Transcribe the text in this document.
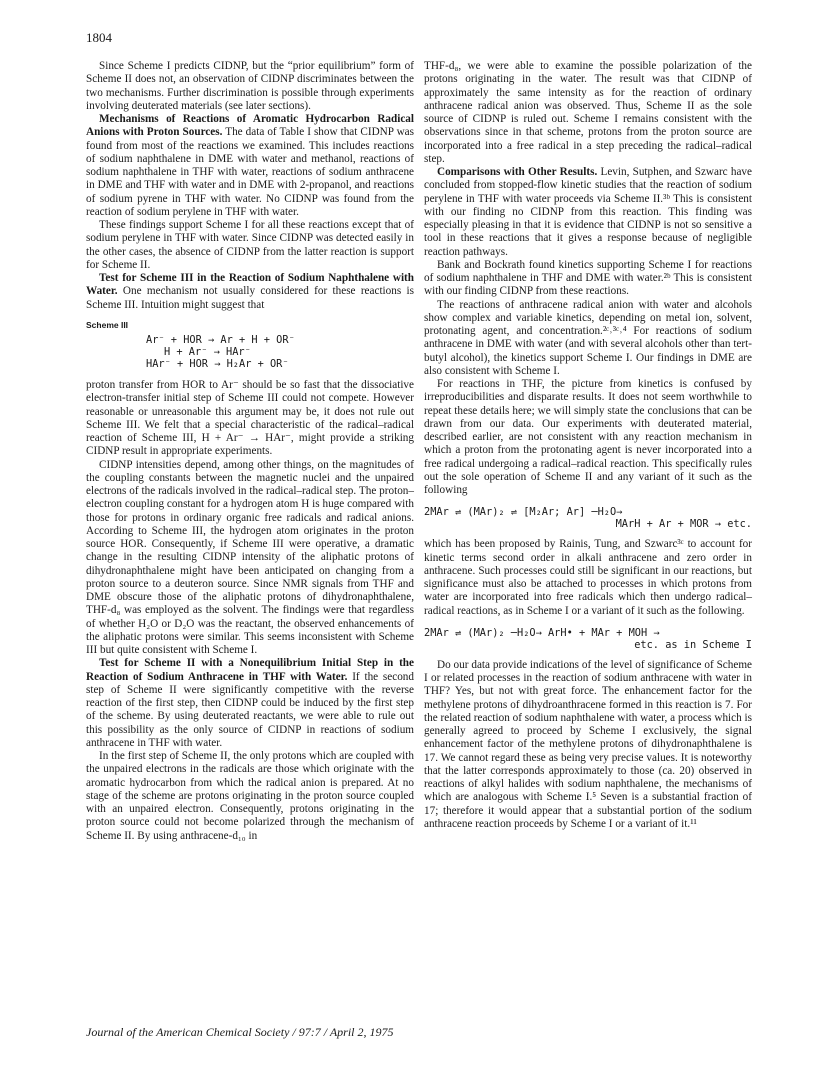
1804

Since Scheme I predicts CIDNP, but the “prior equilibrium” form of Scheme II does not, an observation of CIDNP discriminates between the two mechanisms. Further discrimination is possible through experiments involving deuterated materials (see later sections).

Mechanisms of Reactions of Aromatic Hydrocarbon Radical Anions with Proton Sources. The data of Table I show that CIDNP was found from most of the reactions we examined. This includes reactions of sodium naphthalene in DME with water and methanol, reactions of sodium naphthalene in THF with water, reactions of sodium anthracene in DME and THF with water and in DME with 2-propanol, and reactions of sodium pyrene in THF with water. No CIDNP was found from the reaction of sodium perylene in THF with water.

These findings support Scheme I for all these reactions except that of sodium perylene in THF with water. Since CIDNP was detected easily in the other cases, the absence of CIDNP from the latter reaction is support for Scheme II.

Test for Scheme III in the Reaction of Sodium Naphthalene with Water. One mechanism not usually considered for these reactions is Scheme III. Intuition might suggest that

Scheme III
Ar⁻ + HOR → Ar + H + OR⁻
H + Ar⁻ → HAr⁻
HAr⁻ + HOR → H₂Ar + OR⁻

proton transfer from HOR to Ar⁻ should be so fast that the dissociative electron-transfer initial step of Scheme III could not compete. However reasonable or unreasonable this argument may be, it does not rule out Scheme III. We felt that a special characteristic of the radical–radical reaction of Scheme III, H + Ar⁻ → HAr⁻, might provide a striking CIDNP result in appropriate experiments.

CIDNP intensities depend, among other things, on the magnitudes of the coupling constants between the magnetic nuclei and the unpaired electrons of the radicals involved in the radical–radical step. The proton–electron coupling constant for a hydrogen atom H is huge compared with those for protons in ordinary organic free radicals and radical anions. According to Scheme III, the hydrogen atom originates in the proton source HOR. Consequently, if Scheme III were operative, a dramatic change in the resulting CIDNP intensity of the aliphatic protons of dihydronaphthalene might have been anticipated on changing from a proton source to a deuteron source. Since NMR signals from THF and DME obscure those of the aliphatic protons of dihydronaphthalene, THF-d₈ was employed as the solvent. The findings were that regardless of whether H₂O or D₂O was the reactant, the observed enhancements of the aliphatic protons were similar. This seems inconsistent with Scheme III but quite consistent with Scheme I.

Test for Scheme II with a Nonequilibrium Initial Step in the Reaction of Sodium Anthracene in THF with Water. If the second step of Scheme II were significantly competitive with the reverse reaction of the first step, then CIDNP could be induced by the first step of the scheme. By using deuterated reactants, we were able to rule out this possibility as the only source of CIDNP in reactions of sodium anthracene in THF with water.

In the first step of Scheme II, the only protons which are coupled with the unpaired electrons in the radicals are those which originate with the aromatic hydrocarbon from which the radical anion is prepared. At no stage of the scheme are protons originating in the proton source coupled with an unpaired electron. Consequently, protons originating in the proton source could not become polarized through the mechanism of Scheme II. By using anthracene-d₁₀ in

THF-d₈, we were able to examine the possible polarization of the protons originating in the water. The result was that CIDNP of approximately the same intensity as for the reaction of ordinary anthracene radical anion was observed. Thus, Scheme II as the sole source of CIDNP is ruled out. Scheme I remains consistent with the observations since in that scheme, protons from the proton source are incorporated into a free radical in a step preceding the radical–radical step.

Comparisons with Other Results. Levin, Sutphen, and Szwarc have concluded from stopped-flow kinetic studies that the reaction of sodium perylene in THF with water proceeds via Scheme II.³ᵇ This is consistent with our finding no CIDNP from this reaction. This finding was especially pleasing in that it is evidence that CIDNP is not so sensitive a tool in these reactions that it gives a response because of negligible reaction pathways.

Bank and Bockrath found kinetics supporting Scheme I for reactions of sodium naphthalene in THF and DME with water.²ᵇ This is consistent with our finding CIDNP from these reactions.

The reactions of anthracene radical anion with water and alcohols show complex and variable kinetics, depending on metal ion, solvent, protonating agent, and concentration.²ᶜ˒³ᶜ˒⁴ For reactions of sodium anthracene in DME with water (and with several alcohols other than tert-butyl alcohol), the kinetics support Scheme I. Our findings in DME are also consistent with Scheme I.

For reactions in THF, the picture from kinetics is confused by irreproducibilities and disparate results. It does not seem worthwhile to repeat these details here; we will simply state the conclusions that can be drawn from our data. Our experiments with deuterated material, described earlier, are not consistent with any reaction mechanism in which a proton from the protonating agent is never incorporated into a free radical undergoing a radical–radical reaction. This specifically rules out the sole operation of Scheme II and any variant of it such as the following

2MAr ⇌ (MAr)₂ ⇌ [M₂Ar; Ar] ─H₂O→
MArH + Ar + MOR → etc.

which has been proposed by Rainis, Tung, and Szwarc³ᶜ to account for kinetic terms second order in alkali anthracene and zero order in anthracene. Such processes could still be significant in our reactions, but significance must also be attached to processes in which protons from water are incorporated into free radicals which then undergo radical–radical reactions, as in Scheme I or a variant of it such as the following.

2MAr ⇌ (MAr)₂ ─H₂O→ ArH• + MAr + MOH →
etc. as in Scheme I

Do our data provide indications of the level of significance of Scheme I or related processes in the reaction of sodium anthracene with water in THF? Yes, but not with great force. The enhancement factor for the methylene protons of dihydroanthracene formed in this reaction is 7. For the related reaction of sodium naphthalene with water, a process which is generally agreed to proceed by Scheme I exclusively, the signal enhancement factor of the methylene protons of dihydronaphthalene is 17. We cannot regard these as being very precise values. It is noteworthy that the latter corresponds approximately to those (ca. 20) observed in reactions of alkyl halides with sodium naphthalene, the mechanisms of which are analogous with Scheme I.⁵ Seven is a substantial fraction of 17; therefore it would appear that a substantial portion of the sodium anthracene reaction proceeds by Scheme I or a variant of it.¹¹

Journal of the American Chemical Society / 97:7 / April 2, 1975
